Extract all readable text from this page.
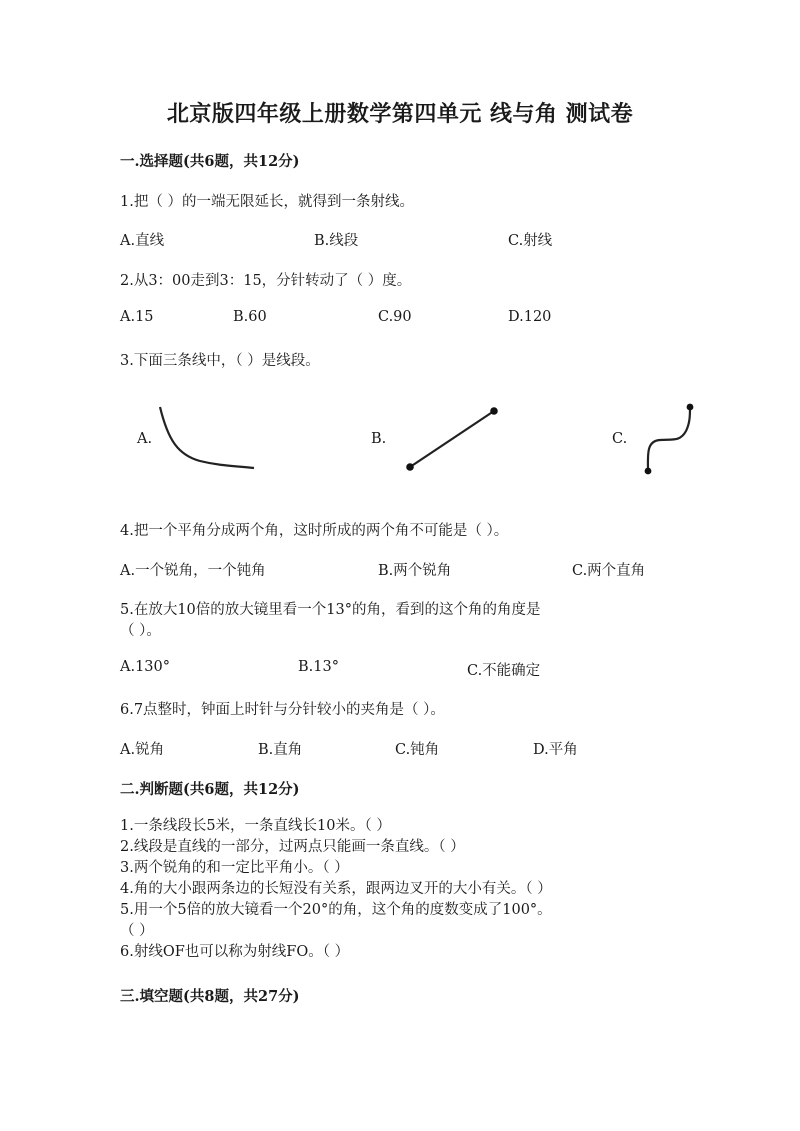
北京版四年级上册数学第四单元 线与角 测试卷
一.选择题(共6题，共12分)
1.把（ ）的一端无限延长，就得到一条射线。
A.直线	B.线段	C.射线
2.从3：00走到3：15，分针转动了（ ）度。
A.15	B.60	C.90	D.120
3.下面三条线中，（ ）是线段。
A.	B.	C.
4.把一个平角分成两个角，这时所成的两个角不可能是（ ）。
A.一个锐角，一个钝角	B.两个锐角	C.两个直角
5.在放大10倍的放大镜里看一个13°的角，看到的这个角的角度是
（ ）。
A.130°	B.13°	C.不能确定
6.7点整时，钟面上时针与分针较小的夹角是（ ）。
A.锐角	B.直角	C.钝角	D.平角
二.判断题(共6题，共12分)
1.一条线段长5米，一条直线长10米。（ ）
2.线段是直线的一部分，过两点只能画一条直线。（ ）
3.两个锐角的和一定比平角小。（ ）
4.角的大小跟两条边的长短没有关系，跟两边叉开的大小有关。（ ）
5.用一个5倍的放大镜看一个20°的角，这个角的度数变成了100°。
（ ）
6.射线OF也可以称为射线FO。（ ）
三.填空题(共8题，共27分)
